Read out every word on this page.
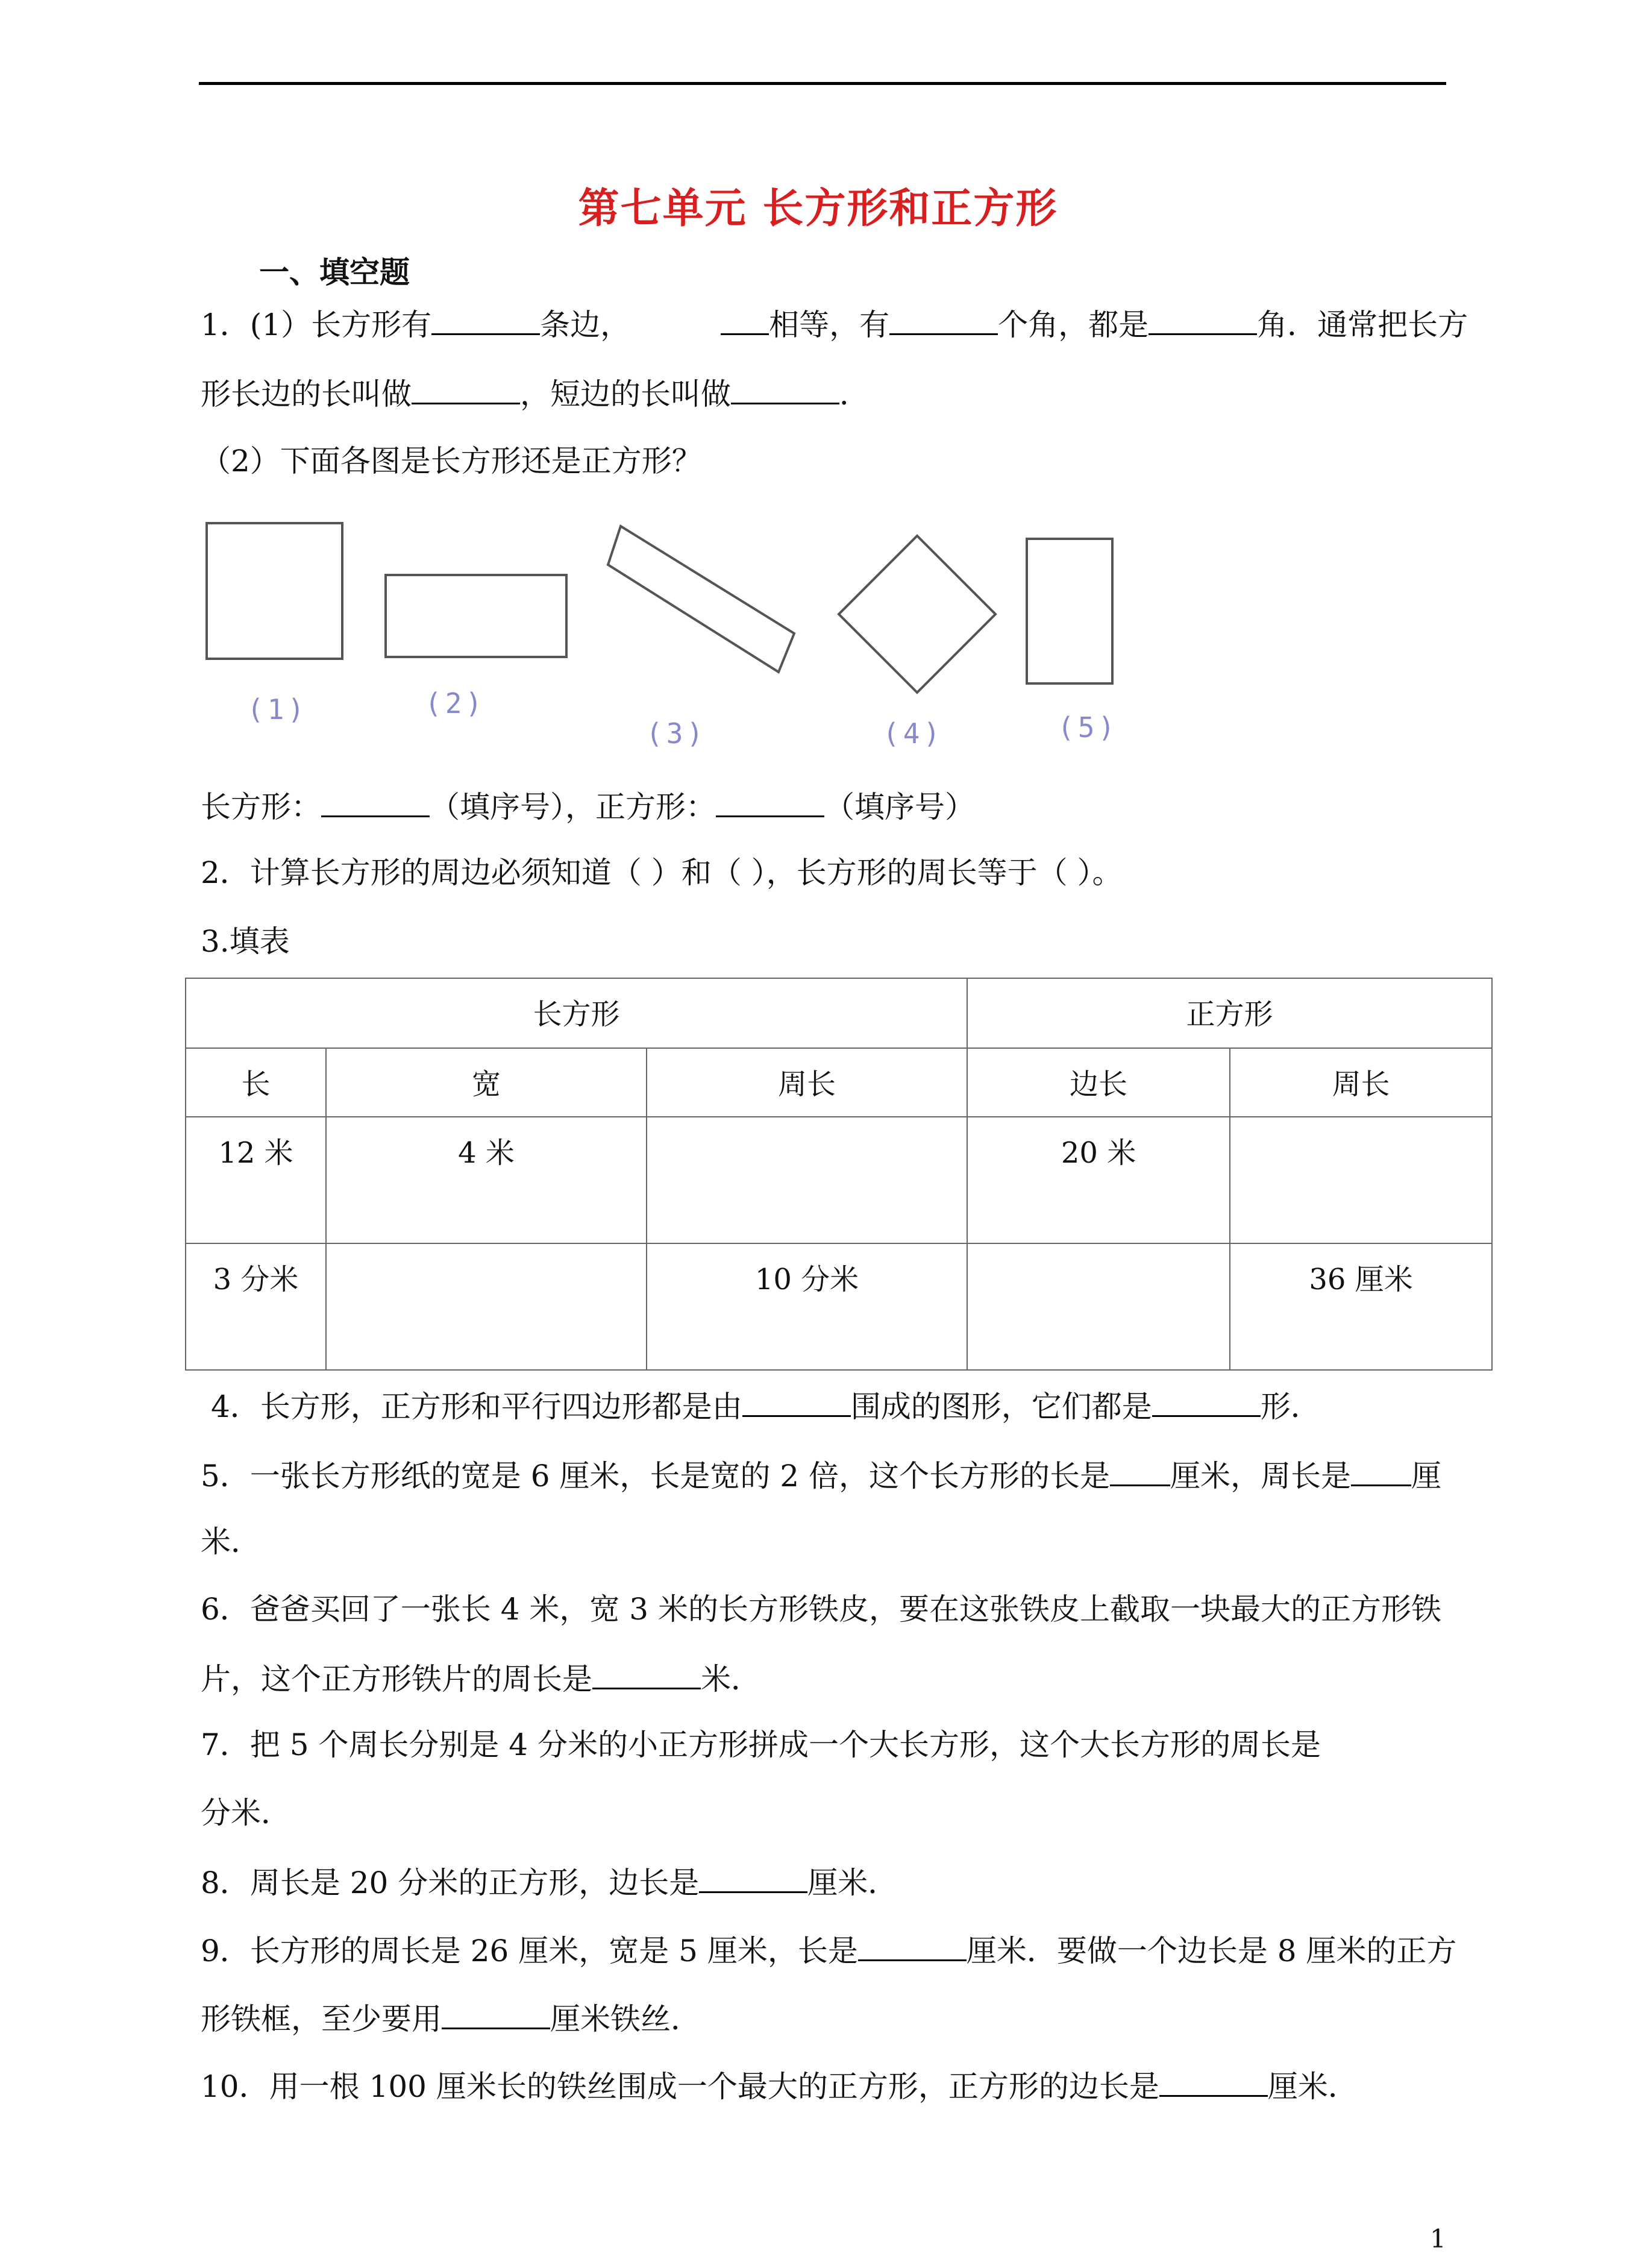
第七单元 长方形和正方形
一、填空题
1．(1）长方形有	条边，	相等，有	个角，都是	角．通常把长方
形长边的长叫做	，短边的长叫做	．
（2）下面各图是长方形还是正方形？
(1)	(2)
(3)	(4)	(5)
长方形：	（填序号），正方形：	（填序号）
2．计算长方形的周边必须知道（ ）和（ ），长方形的周长等于（ ）。
3.填表
长方形			正方形	
长	宽	周长	边长	周长
12 米	4 米		20 米	
3 分米		10 分米		36 厘米
4．长方形，正方形和平行四边形都是由	围成的图形，它们都是	形．
5．一张长方形纸的宽是 6 厘米，长是宽的 2 倍，这个长方形的长是 厘米，周长是 厘
米．
6．爸爸买回了一张长 4 米，宽 3 米的长方形铁皮，要在这张铁皮上截取一块最大的正方形铁
片，这个正方形铁片的周长是	米．
7．把 5 个周长分别是 4 分米的小正方形拼成一个大长方形，这个大长方形的周长是
分米．
8．周长是 20 分米的正方形，边长是	厘米．
9．长方形的周长是 26 厘米，宽是 5 厘米，长是	厘米．要做一个边长是 8 厘米的正方
形铁框，至少要用	厘米铁丝．
10．用一根 100 厘米长的铁丝围成一个最大的正方形，正方形的边长是	厘米．
1
